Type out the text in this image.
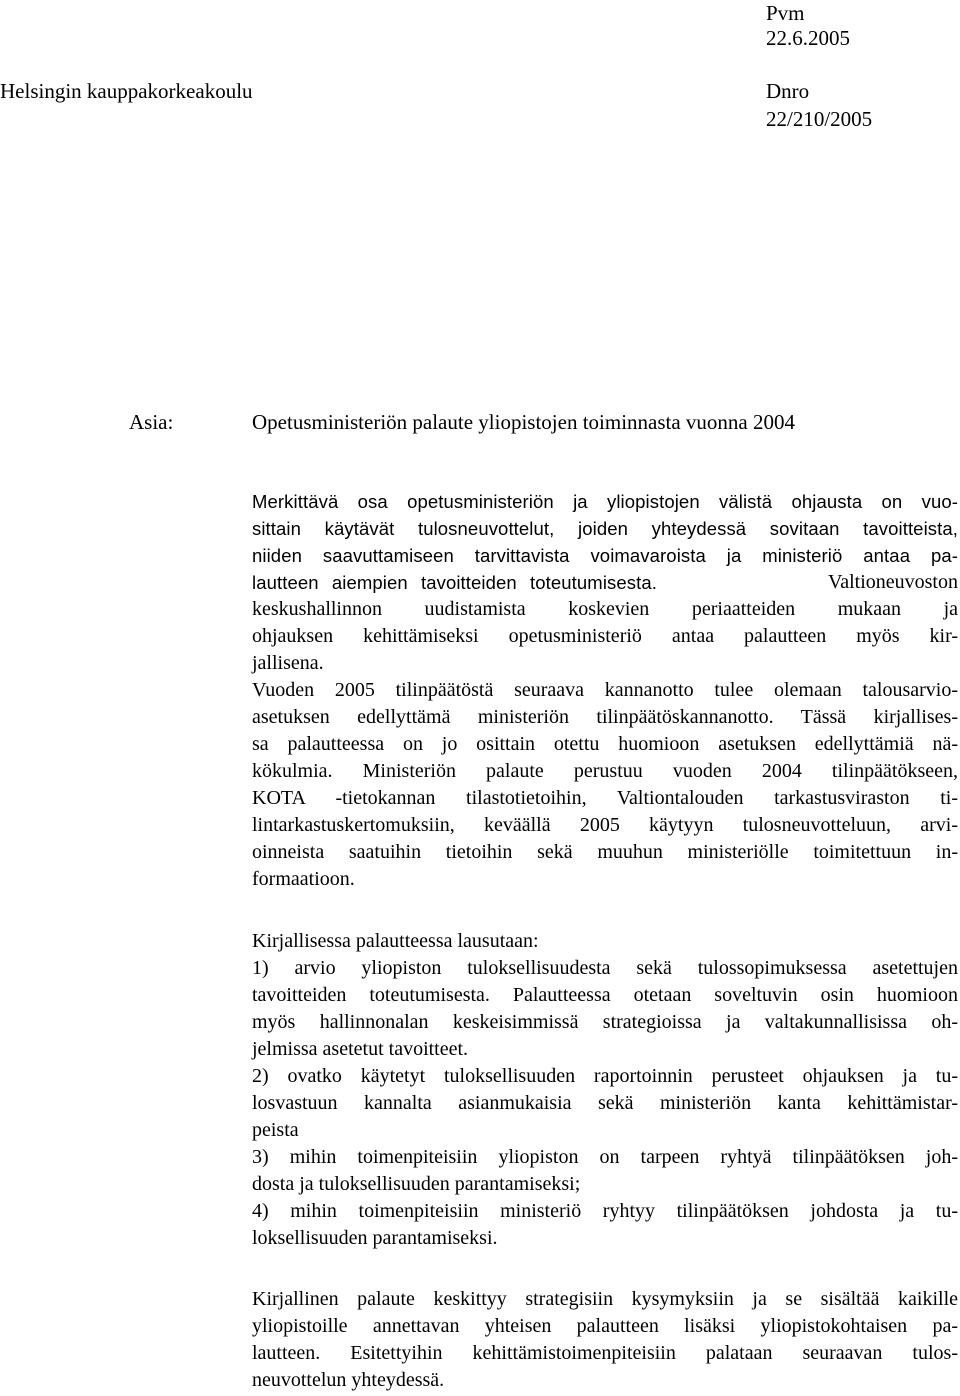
Pvm
22.6.2005
Helsingin kauppakorkeakoulu	Dnro
22/210/2005
Asia:	Opetusministeriön palaute yliopistojen toiminnasta vuonna 2004
Merkittävä osa opetusministeriön ja yliopistojen välistä ohjausta on vuo-
sittain käytävät tulosneuvottelut, joiden yhteydessä sovitaan tavoitteista,
niiden saavuttamiseen tarvittavista voimavaroista ja ministeriö antaa pa-
lautteen aiempien tavoitteiden toteutumisesta.	Valtioneuvoston
keskushallinnon uudistamista koskevien periaatteiden mukaan ja
ohjauksen kehittämiseksi opetusministeriö antaa palautteen myös kir-
jallisena.
Vuoden 2005 tilinpäätöstä seuraava kannanotto tulee olemaan talousarvio-
asetuksen edellyttämä ministeriön tilinpäätöskannanotto. Tässä kirjallises-
sa palautteessa on jo osittain otettu huomioon asetuksen edellyttämiä nä-
kökulmia. Ministeriön palaute perustuu vuoden 2004 tilinpäätökseen,
KOTA -tietokannan tilastotietoihin, Valtiontalouden tarkastusviraston ti-
lintarkastuskertomuksiin, keväällä 2005 käytyyn tulosneuvotteluun, arvi-
oinneista saatuihin tietoihin sekä muuhun ministeriölle toimitettuun in-
formaatioon.
Kirjallisessa palautteessa lausutaan:
1) arvio yliopiston tuloksellisuudesta sekä tulossopimuksessa asetettujen
tavoitteiden toteutumisesta. Palautteessa otetaan soveltuvin osin huomioon
myös hallinnonalan keskeisimmissä strategioissa ja valtakunnallisissa oh-
jelmissa asetetut tavoitteet.
2) ovatko käytetyt tuloksellisuuden raportoinnin perusteet ohjauksen ja tu-
losvastuun kannalta asianmukaisia sekä ministeriön kanta kehittämistar-
peista
3) mihin toimenpiteisiin yliopiston on tarpeen ryhtyä tilinpäätöksen joh-
dosta ja tuloksellisuuden parantamiseksi;
4) mihin toimenpiteisiin ministeriö ryhtyy tilinpäätöksen johdosta ja tu-
loksellisuuden parantamiseksi.
Kirjallinen palaute keskittyy strategisiin kysymyksiin ja se sisältää kaikille
yliopistoille annettavan yhteisen palautteen lisäksi yliopistokohtaisen pa-
lautteen. Esitettyihin kehittämistoimenpiteisiin palataan seuraavan tulos-
neuvottelun yhteydessä.
